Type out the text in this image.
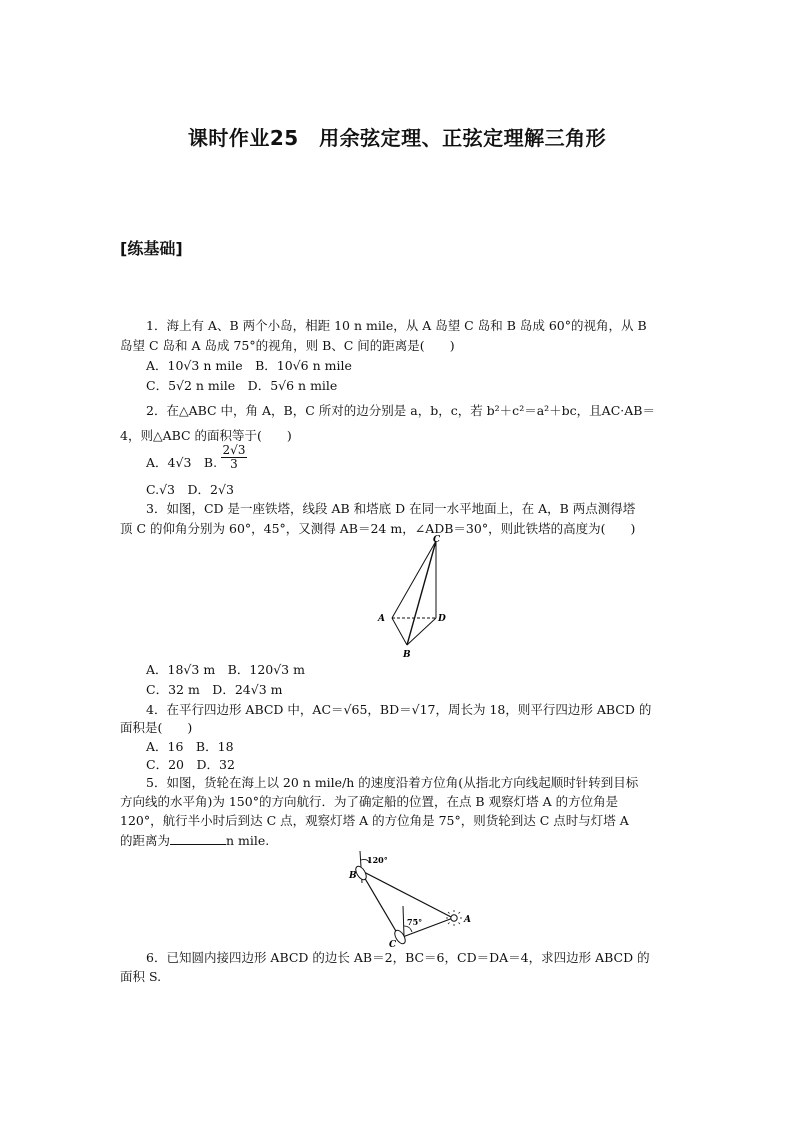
课时作业25　用余弦定理、正弦定理解三角形
[练基础]
1．海上有 A、B 两个小岛，相距 10 n mile，从 A 岛望 C 岛和 B 岛成 60°的视角，从 B
岛望 C 岛和 A 岛成 75°的视角，则 B、C 间的距离是(　　)
A．10√3 n mile　B．10√6 n mile
C．5√2 n mile　D．5√6 n mile
2．在△ABC 中，角 A，B，C 所对的边分别是 a，b，c，若 b²＋c²＝a²＋bc，且AC·AB＝
4，则△ABC 的面积等于(　　)
A．4√3　B. $\frac{2√3}{3}$
C.√3　D．2√3
3．如图，CD 是一座铁塔，线段 AB 和塔底 D 在同一水平地面上，在 A，B 两点测得塔
顶 C 的仰角分别为 60°，45°，又测得 AB＝24 m，∠ADB＝30°，则此铁塔的高度为(　　)
C
A	D
B
A．18√3 m　B．120√3 m
C．32 m　D．24√3 m
4．在平行四边形 ABCD 中，AC＝√65，BD＝√17，周长为 18，则平行四边形 ABCD 的
面积是(　　)
A．16　B．18
C．20　D．32
5．如图，货轮在海上以 20 n mile/h 的速度沿着方位角(从指北方向线起顺时针转到目标
方向线的水平角)为 150°的方向航行．为了确定船的位置，在点 B 观察灯塔 A 的方位角是
120°，航行半小时后到达 C 点，观察灯塔 A 的方位角是 75°，则货轮到达 C 点时与灯塔 A
的距离为	n mile.
120°
B
75°	A
C
6．已知圆内接四边形 ABCD 的边长 AB＝2，BC＝6，CD＝DA＝4，求四边形 ABCD 的
面积 S.
